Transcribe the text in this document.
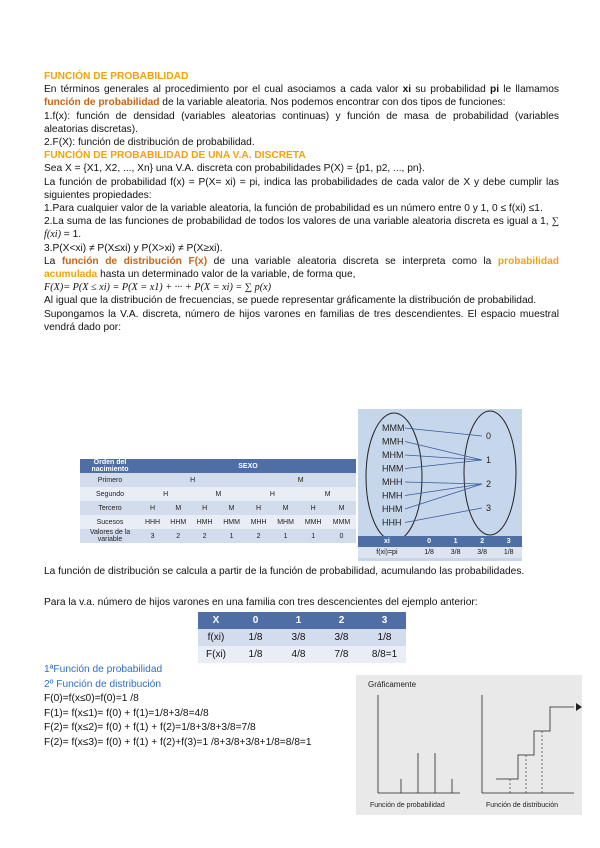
FUNCIÓN DE PROBABILIDAD

En términos generales al procedimiento por el cual asociamos a cada valor xi su probabilidad pi le llamamos función de probabilidad de la variable aleatoria. Nos podemos encontrar con dos tipos de funciones:

1.f(x): función de densidad (variables aleatorias continuas) y función de masa de probabilidad (variables aleatorias discretas).

2.F(X): función de distribución de probabilidad.

FUNCIÓN DE PROBABILIDAD DE UNA V.A. DISCRETA

Sea X = {X1, X2, ..., Xn} una V.A. discreta con probabilidades P(X) = {p1, p2, ..., pn}.

La función de probabilidad f(x) = P(X= xi) = pi, indica las probabilidades de cada valor de X y debe cumplir las siguientes propiedades:

1.Para cualquier valor de la variable aleatoria, la función de probabilidad es un número entre 0 y 1, 0 ≤ f(xi) ≤1.

2.La suma de las funciones de probabilidad de todos los valores de una variable aleatoria discreta es igual a 1, ∑ f(xi) = 1.

3.P(X<xi) ≠ P(X≤xi) y P(X>xi) ≠ P(X≥xi).

La función de distribución F(x) de una variable aleatoria discreta se interpreta como la probabilidad acumulada hasta un determinado valor de la variable, de forma que,

F(X)= P(X ≤ xi) = P(X = x1) + ··· + P(X = xi) = ∑ p(x)

Al igual que la distribución de frecuencias, se puede representar gráficamente la distribución de probabilidad.

Supongamos la V.A. discreta, número de hijos varones en familias de tres descendientes. El espacio muestral vendrá dado por:

MMM
MMH
MHM
HMM
MHH
HMH
HHM
HHH
0
1
2
3
Orden del nacimiento	SEXO							
Primero	H				M			
Segundo	H		M		H		M	
Tercero	H	M	H	M	H	M	H	M
Sucesos	HHH	HHM	HMH	HMM	MHH	MHM	MMH	MMM
Valores de la variable	3	2	2	1	2	1	1	0
xi	0	1	2	3
f(xi)=pi	1/8	3/8	3/8	1/8

La función de distribución se calcula a partir de la función de probabilidad, acumulando las probabilidades.

Para la v.a. número de hijos varones en una familia con tres descencientes del ejemplo anterior:

X	0	1	2	3
f(xi)	1/8	3/8	3/8	1/8
F(xi)	1/8	4/8	7/8	8/8=1
1ªFunción de probabilidad
2º Función de distribución
F(0)=f(x≤0)=f(0)=1 /8
F(1)= f(x≤1)= f(0) + f(1)=1/8+3/8=4/8
F(2)= f(x≤2)= f(0) + f(1) + f(2)=1/8+3/8+3/8=7/8
F(2)= f(x≤3)= f(0) + f(1) + f(2)+f(3)=1 /8+3/8+3/8+1/8=8/8=1
Gráficamente
Función de probabilidad	Función de distribución
